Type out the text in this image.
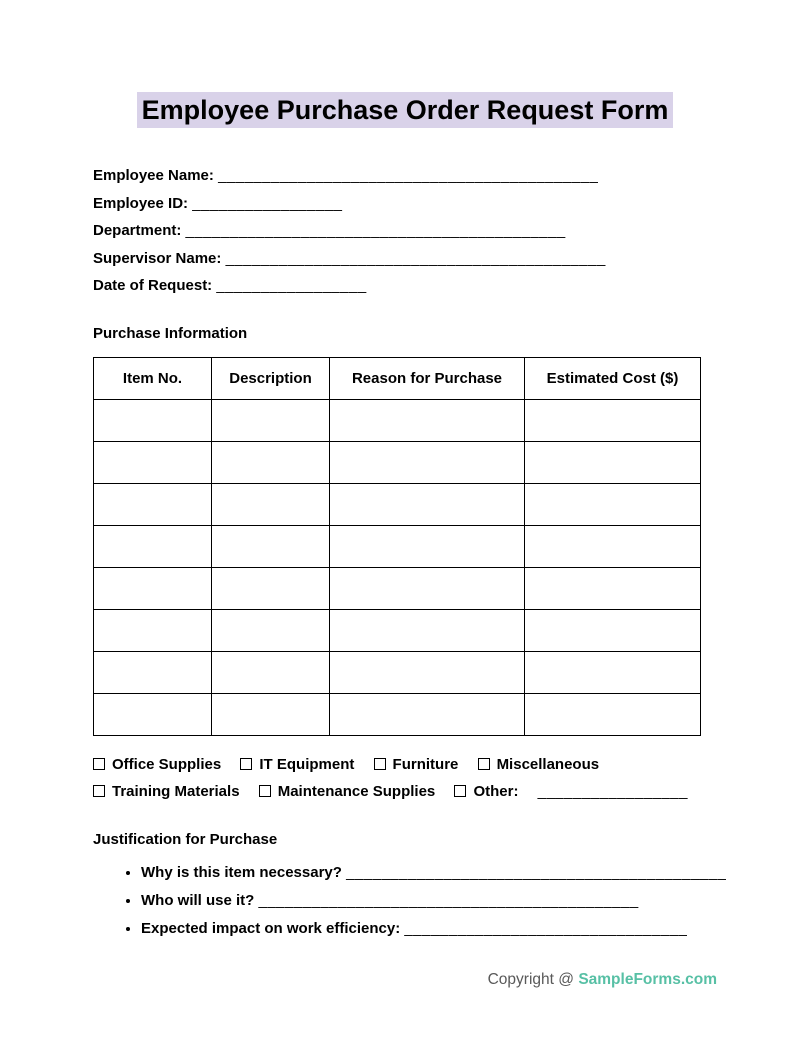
Employee Purchase Order Request Form

Employee Name: ___________________________________________

Employee ID: _________________

Department: ___________________________________________

Supervisor Name: ___________________________________________

Date of Request: _________________

Purchase Information
Item No.	Description	Reason for Purchase	Estimated Cost ($)

Office Supplies	IT Equipment	Furniture	Miscellaneous

Training Materials	Maintenance Supplies	Other: _________________

Justification for Purchase
• Why is this item necessary? ___________________________________________
• Who will use it? ___________________________________________
• Expected impact on work efficiency: ________________________________
Copyright @ SampleForms.com
